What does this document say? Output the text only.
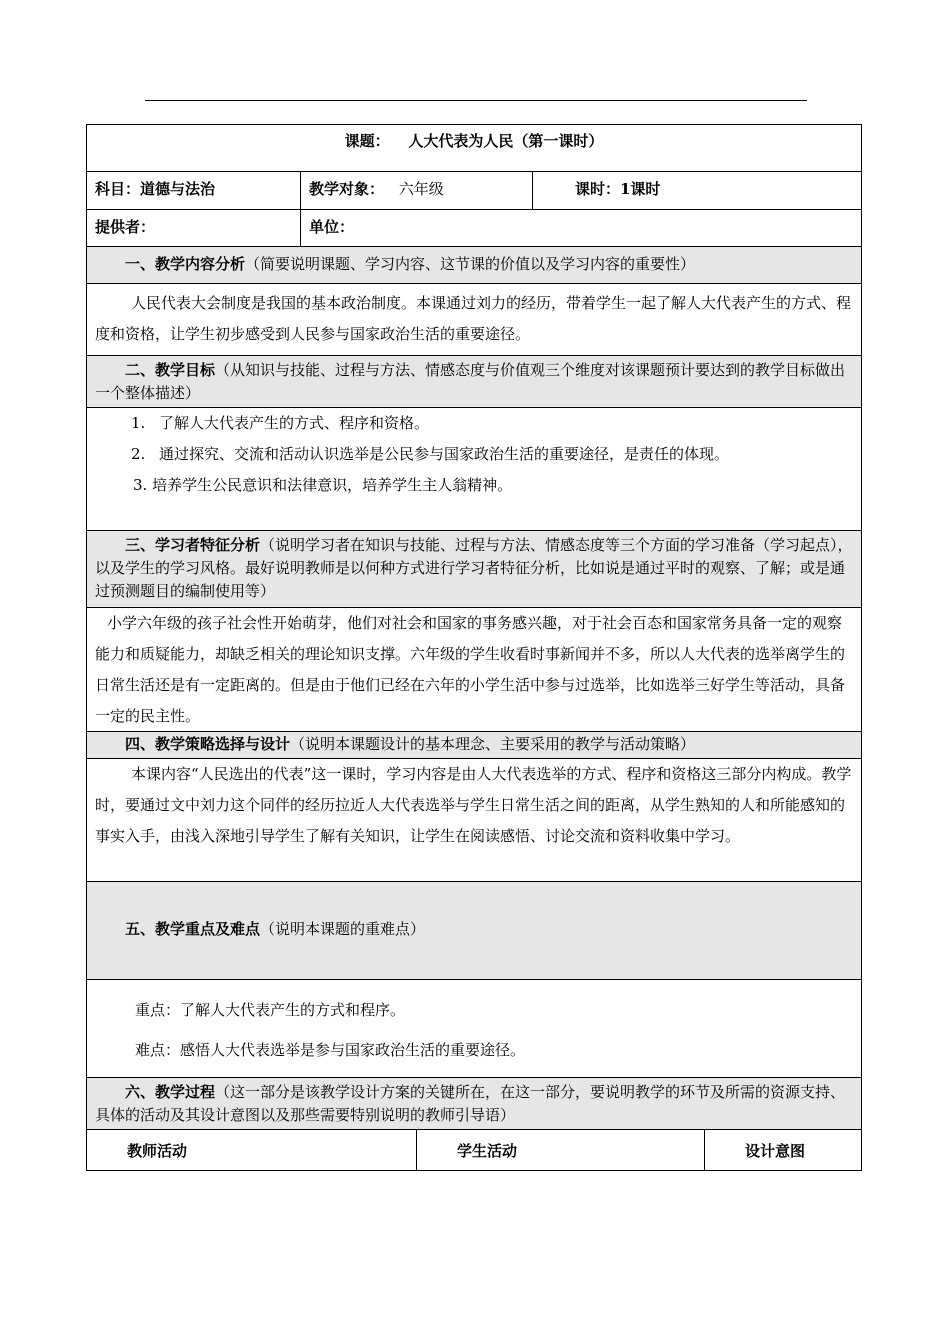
课题： 人大代表为人民（第一课时）
科目：道德与法治	教学对象： 六年级	课时：1课时
提供者：	单位：
一、教学内容分析（简要说明课题、学习内容、这节课的价值以及学习内容的重要性）
人民代表大会制度是我国的基本政治制度。本课通过刘力的经历，带着学生一起了解人大代表产生的方式、程度和资格，让学生初步感受到人民参与国家政治生活的重要途径。
二、教学目标（从知识与技能、过程与方法、情感态度与价值观三个维度对该课题预计要达到的教学目标做出一个整体描述）
1. 了解人大代表产生的方式、程序和资格。
2. 通过探究、交流和活动认识选举是公民参与国家政治生活的重要途径，是责任的体现。
3. 培养学生公民意识和法律意识，培养学生主人翁精神。
三、学习者特征分析（说明学习者在知识与技能、过程与方法、情感态度等三个方面的学习准备（学习起点），以及学生的学习风格。最好说明教师是以何种方式进行学习者特征分析，比如说是通过平时的观察、了解；或是通过预测题目的编制使用等）
小学六年级的孩子社会性开始萌芽，他们对社会和国家的事务感兴趣，对于社会百态和国家常务具备一定的观察能力和质疑能力，却缺乏相关的理论知识支撑。六年级的学生收看时事新闻并不多，所以人大代表的选举离学生的日常生活还是有一定距离的。但是由于他们已经在六年的小学生活中参与过选举，比如选举三好学生等活动，具备一定的民主性。
四、教学策略选择与设计（说明本课题设计的基本理念、主要采用的教学与活动策略）
本课内容“人民选出的代表”这一课时，学习内容是由人大代表选举的方式、程序和资格这三部分内构成。教学时，要通过文中刘力这个同伴的经历拉近人大代表选举与学生日常生活之间的距离，从学生熟知的人和所能感知的事实入手，由浅入深地引导学生了解有关知识，让学生在阅读感悟、讨论交流和资料收集中学习。
五、教学重点及难点（说明本课题的重难点）
重点：了解人大代表产生的方式和程序。
难点：感悟人大代表选举是参与国家政治生活的重要途径。
六、教学过程（这一部分是该教学设计方案的关键所在，在这一部分，要说明教学的环节及所需的资源支持、具体的活动及其设计意图以及那些需要特别说明的教师引导语）
教师活动	学生活动	设计意图
